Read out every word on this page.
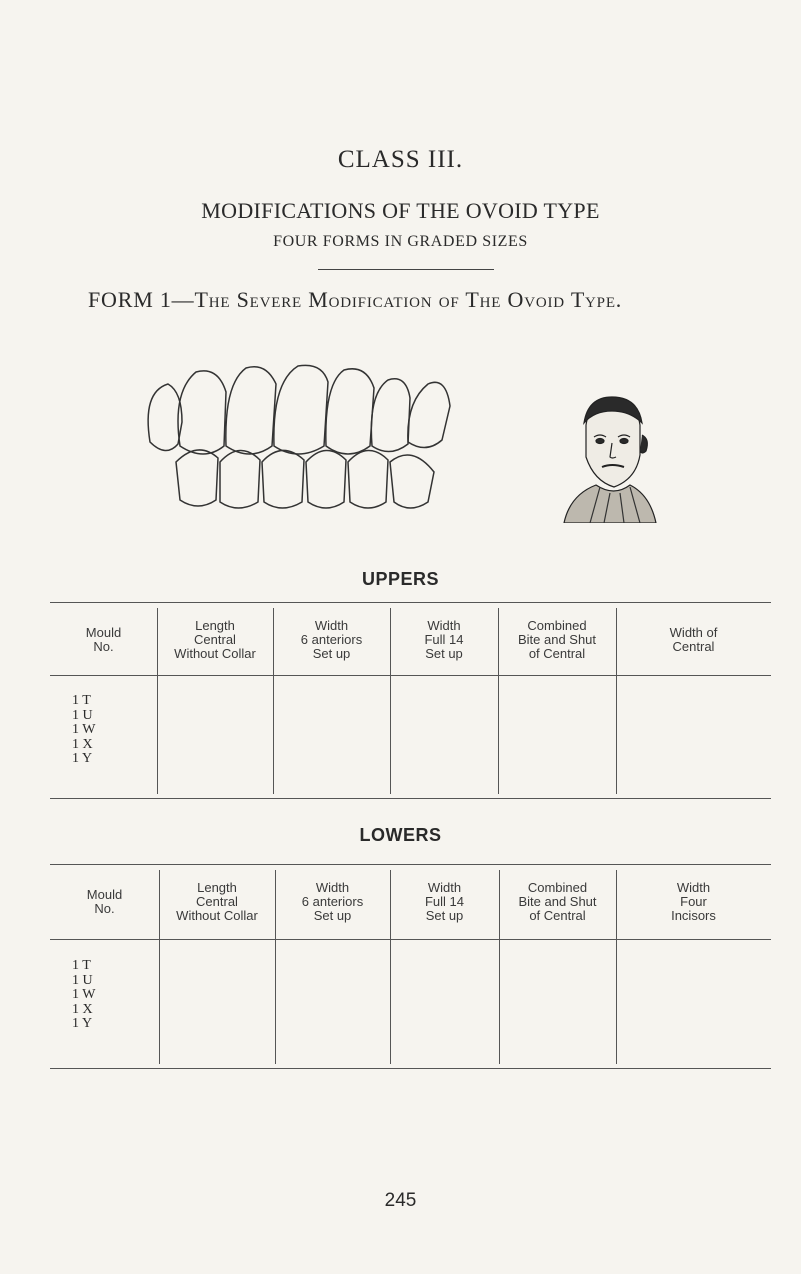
CLASS III.
MODIFICATIONS OF THE OVOID TYPE
FOUR FORMS IN GRADED SIZES
FORM 1—The Severe Modification of The Ovoid Type.
UPPERS
Mould
No.
Length
Central
Without Collar
Width
6 anteriors
Set up
Width
Full 14
Set up
Combined
Bite and Shut
of Central
Width of
Central
1 T
1 U
1 W
1 X
1 Y
LOWERS
Mould
No.
Length
Central
Without Collar
Width
6 anteriors
Set up
Width
Full 14
Set up
Combined
Bite and Shut
of Central
Width
Four
Incisors
1 T
1 U
1 W
1 X
1 Y
245
